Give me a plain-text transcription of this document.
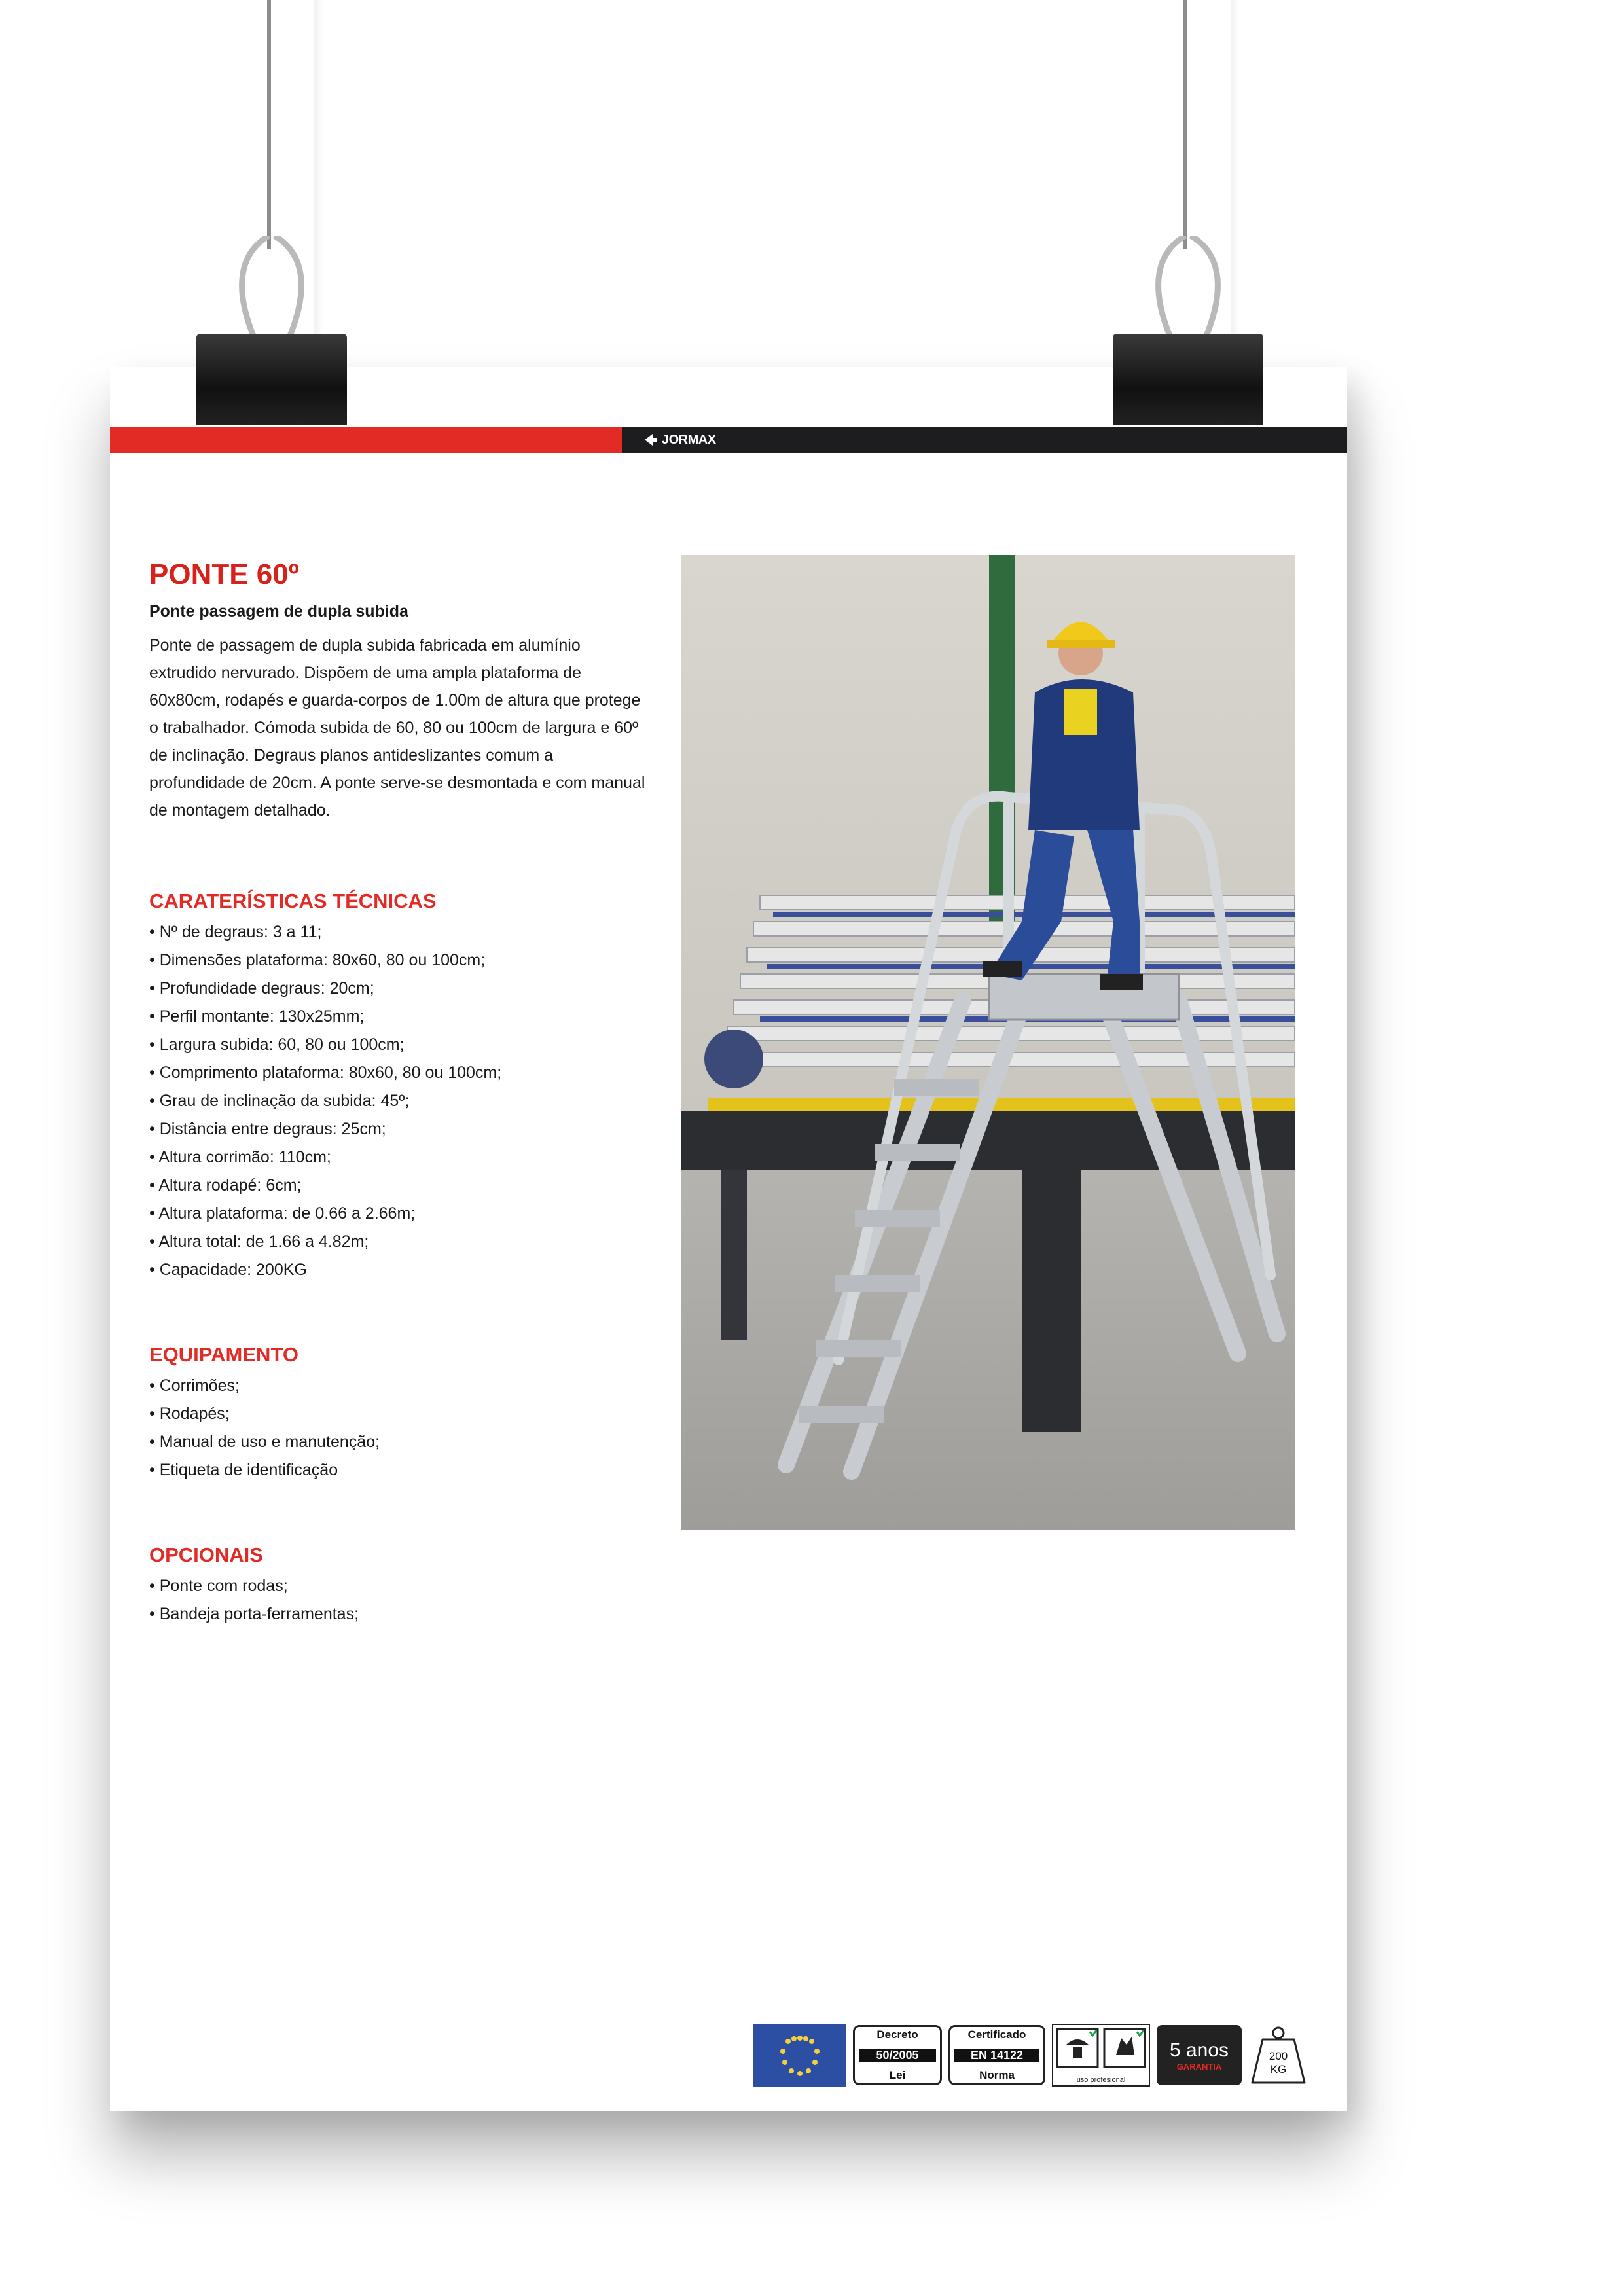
JORMAX
PONTE 60º
Ponte passagem de dupla subida
Ponte de passagem de dupla subida fabricada em alumínio extrudido nervurado. Dispõem de uma ampla plataforma de 60x80cm, rodapés e guarda-corpos de 1.00m de altura que protege o trabalhador. Cómoda subida de 60, 80 ou 100cm de largura e 60º de inclinação. Degraus planos antideslizantes comum a profundidade de 20cm. A ponte serve-se desmontada e com manual de montagem detalhado.
CARATERÍSTICAS TÉCNICAS
• Nº de degraus: 3 a 11;
• Dimensões plataforma: 80x60, 80 ou 100cm;
• Profundidade degraus: 20cm;
• Perfil montante: 130x25mm;
• Largura subida: 60, 80 ou 100cm;
• Comprimento plataforma: 80x60, 80 ou 100cm;
• Grau de inclinação da subida: 45º;
• Distância entre degraus: 25cm;
• Altura corrimão: 110cm;
• Altura rodapé: 6cm;
• Altura plataforma: de 0.66 a 2.66m;
• Altura total: de 1.66 a 4.82m;
• Capacidade: 200KG
EQUIPAMENTO
• Corrimões;
• Rodapés;
• Manual de uso e manutenção;
• Etiqueta de identificação
OPCIONAIS
• Ponte com rodas;
• Bandeja porta-ferramentas;
Decreto
50/2005
Lei
Certificado
EN 14122
Norma	uso profesional
5 anos
GARANTIA
200
KG
